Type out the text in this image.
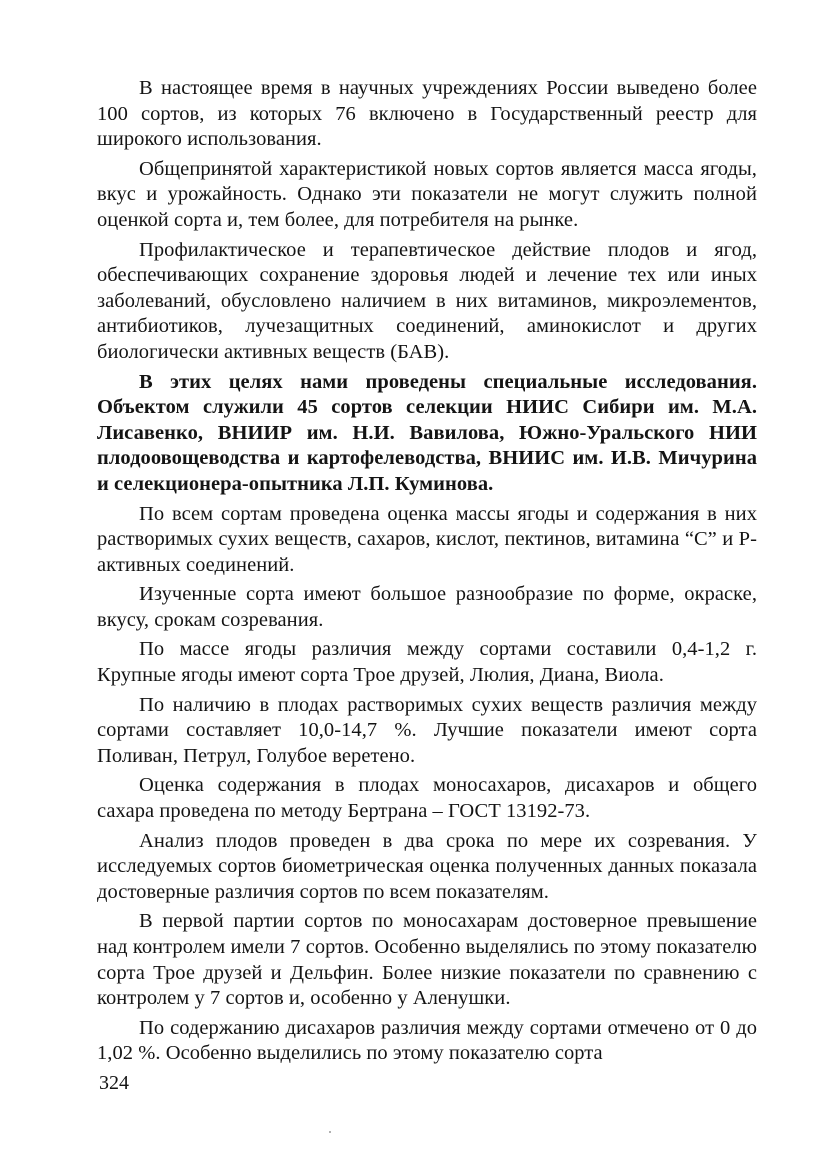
В настоящее время в научных учреждениях России выведено более 100 сортов, из которых 76 включено в Государственный реестр для широкого использования.

Общепринятой характеристикой новых сортов является масса ягоды, вкус и урожайность. Однако эти показатели не могут служить полной оценкой сорта и, тем более, для потребителя на рынке.

Профилактическое и терапевтическое действие плодов и ягод, обеспечивающих сохранение здоровья людей и лечение тех или иных заболеваний, обусловлено наличием в них витаминов, микроэлементов, антибиотиков, лучезащитных соединений, аминокислот и других биологически активных веществ (БАВ).

В этих целях нами проведены специальные исследования. Объектом служили 45 сортов селекции НИИС Сибири им. М.А. Лисавенко, ВНИИР им. Н.И. Вавилова, Южно-Уральского НИИ плодоовощеводства и картофелеводства, ВНИИС им. И.В. Мичурина и селекционера-опытника Л.П. Куминова.

По всем сортам проведена оценка массы ягоды и содержания в них растворимых сухих веществ, сахаров, кислот, пектинов, витамина “С” и Р-активных соединений.

Изученные сорта имеют большое разнообразие по форме, окраске, вкусу, срокам созревания.

По массе ягоды различия между сортами составили 0,4-1,2 г. Крупные ягоды имеют сорта Трое друзей, Люлия, Диана, Виола.

По наличию в плодах растворимых сухих веществ различия между сортами составляет 10,0-14,7 %. Лучшие показатели имеют сорта Поливан, Петрул, Голубое веретено.

Оценка содержания в плодах моносахаров, дисахаров и общего сахара проведена по методу Бертрана – ГОСТ 13192-73.

Анализ плодов проведен в два срока по мере их созревания. У исследуемых сортов биометрическая оценка полученных данных показала достоверные различия сортов по всем показателям.

В первой партии сортов по моносахарам достоверное превышение над контролем имели 7 сортов. Особенно выделялись по этому показателю сорта Трое друзей и Дельфин. Более низкие показатели по сравнению с контролем у 7 сортов и, особенно у Аленушки.

По содержанию дисахаров различия между сортами отмечено от 0 до 1,02 %. Особенно выделились по этому показателю сорта

324
